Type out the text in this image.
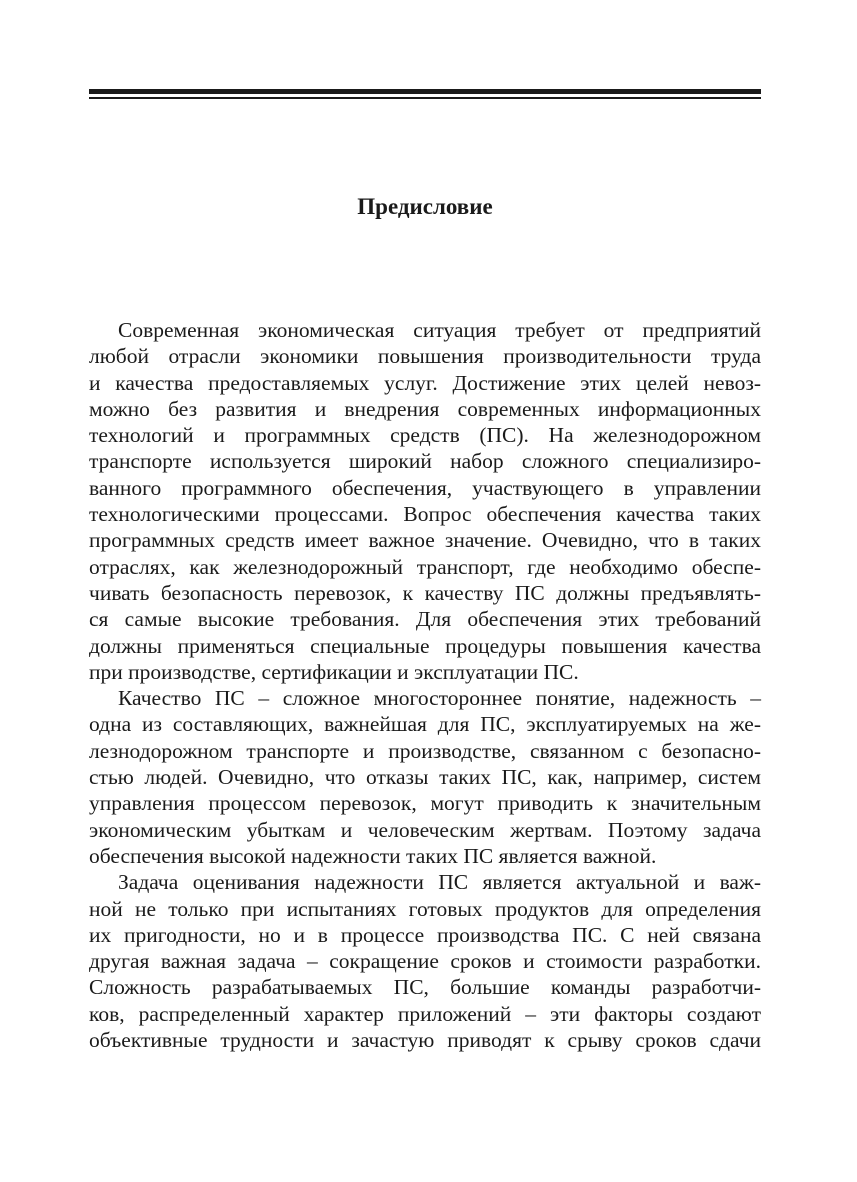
Предисловие

Современная экономическая ситуация требует от предприятий
любой отрасли экономики повышения производительности труда
и качества предоставляемых услуг. Достижение этих целей невоз-
можно без развития и внедрения современных информационных
технологий и программных средств (ПС). На железнодорожном
транспорте используется широкий набор сложного специализиро-
ванного программного обеспечения, участвующего в управлении
технологическими процессами. Вопрос обеспечения качества таких
программных средств имеет важное значение. Очевидно, что в таких
отраслях, как железнодорожный транспорт, где необходимо обеспе-
чивать безопасность перевозок, к качеству ПС должны предъявлять-
ся самые высокие требования. Для обеспечения этих требований
должны применяться специальные процедуры повышения качества
при производстве, сертификации и эксплуатации ПС.

Качество ПС – сложное многостороннее понятие, надежность –
одна из составляющих, важнейшая для ПС, эксплуатируемых на же-
лезнодорожном транспорте и производстве, связанном с безопасно-
стью людей. Очевидно, что отказы таких ПС, как, например, систем
управления процессом перевозок, могут приводить к значительным
экономическим убыткам и человеческим жертвам. Поэтому задача
обеспечения высокой надежности таких ПС является важной.

Задача оценивания надежности ПС является актуальной и важ-
ной не только при испытаниях готовых продуктов для определения
их пригодности, но и в процессе производства ПС. С ней связана
другая важная задача – сокращение сроков и стоимости разработки.
Сложность разрабатываемых ПС, большие команды разработчи-
ков, распределенный характер приложений – эти факторы создают
объективные трудности и зачастую приводят к срыву сроков сдачи
